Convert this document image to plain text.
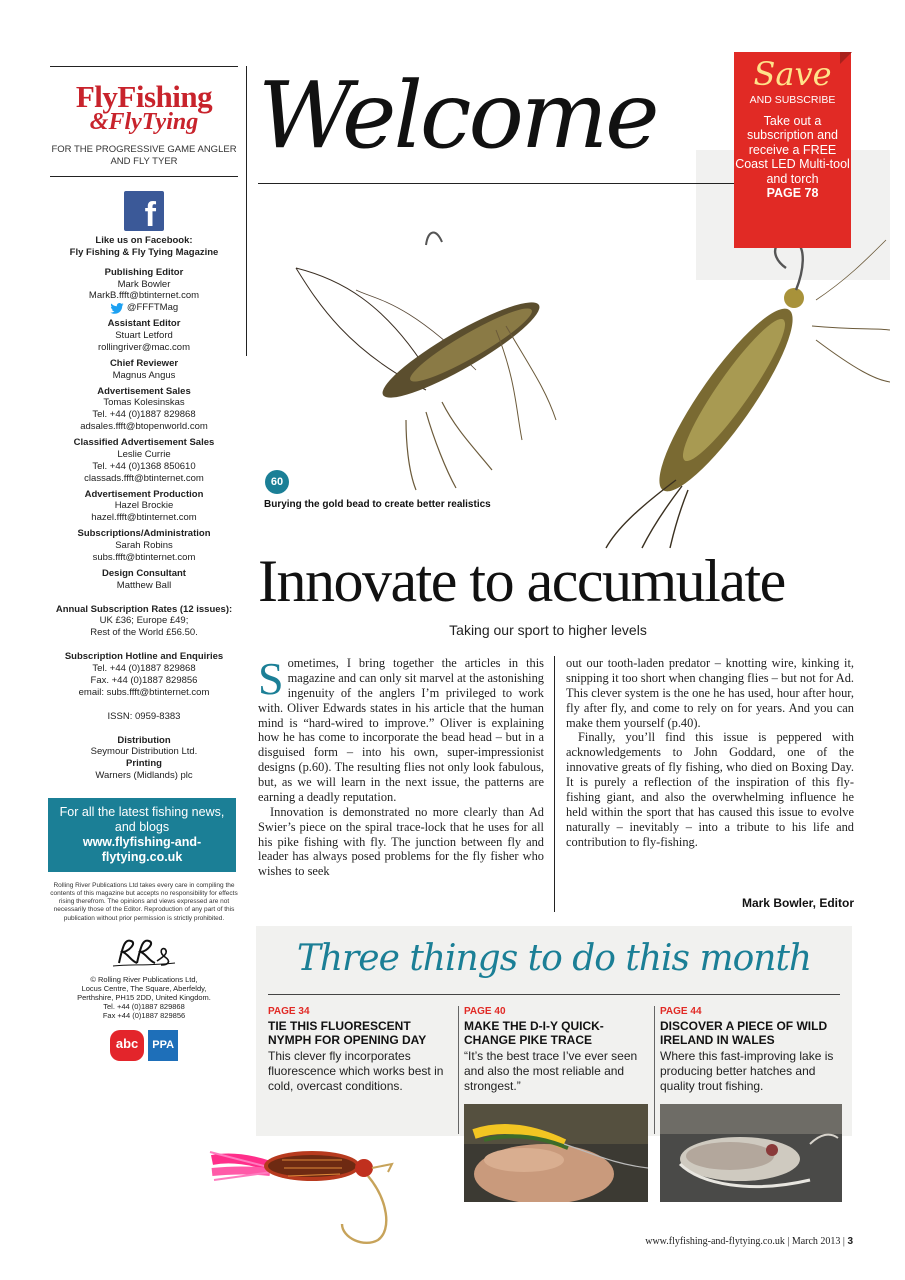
FlyFishing
&FlyTying
FOR THE PROGRESSIVE GAME ANGLER AND FLY TYER
f
Like us on Facebook:
Fly Fishing & Fly Tying Magazine
Publishing Editor
Mark Bowler
MarkB.ffft@btinternet.com
@FFFTMag
Assistant Editor
Stuart Letford
rollingriver@mac.com
Chief Reviewer
Magnus Angus
Advertisement Sales
Tomas Kolesinskas
Tel. +44 (0)1887 829868
adsales.ffft@btopenworld.com
Classified Advertisement Sales
Leslie Currie
Tel. +44 (0)1368 850610
classads.ffft@btinternet.com
Advertisement Production
Hazel Brockie
hazel.ffft@btinternet.com
Subscriptions/Administration
Sarah Robins
subs.ffft@btinternet.com
Design Consultant
Matthew Ball
Annual Subscription Rates (12 issues):
UK £36; Europe £49;
Rest of the World £56.50.
Subscription Hotline and Enquiries
Tel. +44 (0)1887 829868
Fax. +44 (0)1887 829856
email: subs.ffft@btinternet.com
ISSN: 0959-8383
Distribution
Seymour Distribution Ltd.
Printing
Warners (Midlands) plc
For all the latest fishing news, and blogs
www.flyfishing-and-flytying.co.uk
Rolling River Publications Ltd takes every care in compiling the contents of this magazine but accepts no responsibility for effects rising therefrom. The opinions and views expressed are not necessarily those of the Editor. Reproduction of any part of this publication without prior permission is strictly prohibited.
© Rolling River Publications Ltd,
Locus Centre, The Square, Aberfeldy,
Perthshire, PH15 2DD, United Kingdom.
Tel. +44 (0)1887 829868
Fax +44 (0)1887 829856
abc	PPA
60
Burying the gold bead to create better realistics
Welcome	Save
AND SUBSCRIBE
Take out a subscription and receive a FREE Coast LED Multi-tool and torch
PAGE 78
Innovate to accumulate
Taking our sport to higher levels

Sometimes, I bring together the articles in this magazine and can only sit marvel at the astonishing ingenuity of the anglers I’m privileged to work with. Oliver Edwards states in his article that the human mind is “hard-wired to improve.” Oliver is explaining how he has come to incorporate the bead head – but in a disguised form – into his own, super-impressionist designs (p.60). The resulting flies not only look fabulous, but, as we will learn in the next issue, the patterns are earning a deadly reputation.

Innovation is demonstrated no more clearly than Ad Swier’s piece on the spiral trace-lock that he uses for all his pike fishing with fly. The junction between fly and leader has always posed problems for the fly fisher who wishes to seek

out our tooth-laden predator – knotting wire, kinking it, snipping it too short when changing flies – but not for Ad. This clever system is the one he has used, hour after hour, fly after fly, and come to rely on for years. And you can make them yourself (p.40).

Finally, you’ll find this issue is peppered with acknowledgements to John Goddard, one of the innovative greats of fly fishing, who died on Boxing Day. It is purely a reflection of the inspiration of this fly-fishing giant, and also the overwhelming influence he held within the sport that has caused this issue to evolve naturally – inevitably – into a tribute to his life and contribution to fly-fishing.

Mark Bowler, Editor
Three things to do this month
PAGE 34
TIE THIS FLUORESCENT NYMPH FOR OPENING DAY
This clever fly incorporates fluorescence which works best in cold, overcast conditions.
PAGE 40
MAKE THE D-I-Y QUICK-CHANGE PIKE TRACE
“It’s the best trace I’ve ever seen and also the most reliable and strongest.”
PAGE 44
DISCOVER A PIECE OF WILD IRELAND IN WALES
Where this fast-improving lake is producing better hatches and quality trout fishing.
www.flyfishing-and-flytying.co.uk | March 2013 | 3
